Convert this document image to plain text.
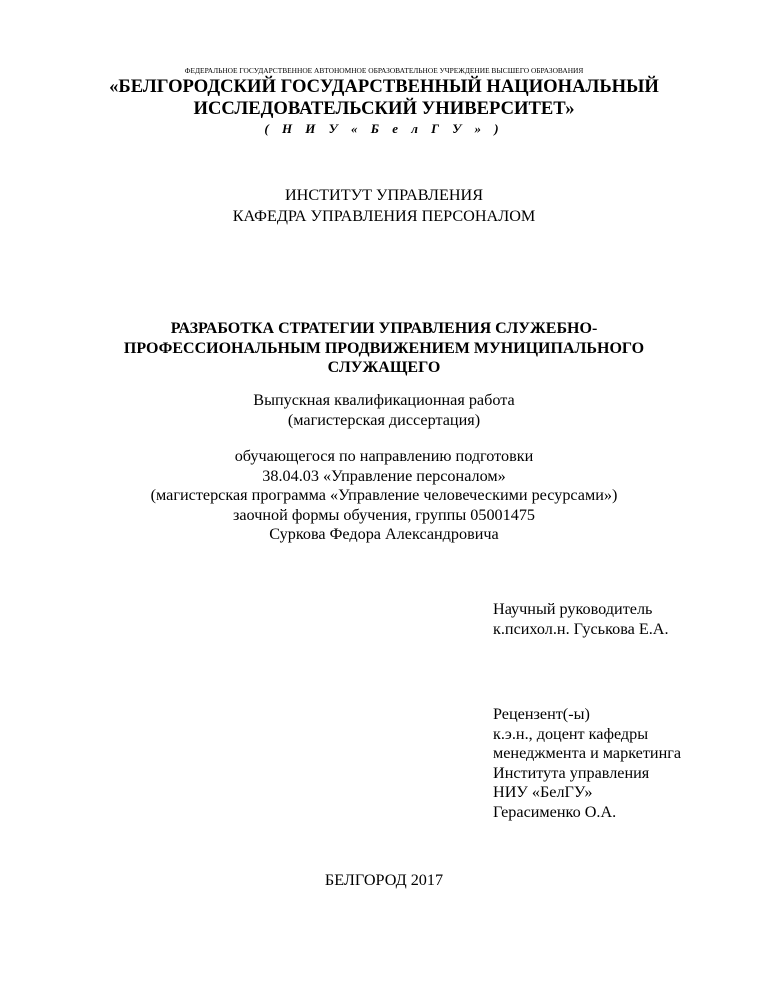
ФЕДЕРАЛЬНОЕ ГОСУДАРСТВЕННОЕ АВТОНОМНОЕ ОБРАЗОВАТЕЛЬНОЕ УЧРЕЖДЕНИЕ ВЫСШЕГО ОБРАЗОВАНИЯ
«БЕЛГОРОДСКИЙ ГОСУДАРСТВЕННЫЙ НАЦИОНАЛЬНЫЙ
ИССЛЕДОВАТЕЛЬСКИЙ УНИВЕРСИТЕТ»
( Н И У « Б е л Г У » )
ИНСТИТУТ УПРАВЛЕНИЯ
КАФЕДРА УПРАВЛЕНИЯ ПЕРСОНАЛОМ
РАЗРАБОТКА СТРАТЕГИИ УПРАВЛЕНИЯ СЛУЖЕБНО-
ПРОФЕССИОНАЛЬНЫМ ПРОДВИЖЕНИЕМ МУНИЦИПАЛЬНОГО
СЛУЖАЩЕГО
Выпускная квалификационная работа
(магистерская диссертация)
обучающегося по направлению подготовки
38.04.03 «Управление персоналом»
(магистерская программа «Управление человеческими ресурсами»)
заочной формы обучения, группы 05001475
Суркова Федора Александровича
Научный руководитель
к.психол.н. Гуськова Е.А.
Рецензент(-ы)
к.э.н., доцент кафедры
менеджмента и маркетинга
Института управления
НИУ «БелГУ»
Герасименко О.А.
БЕЛГОРОД 2017
